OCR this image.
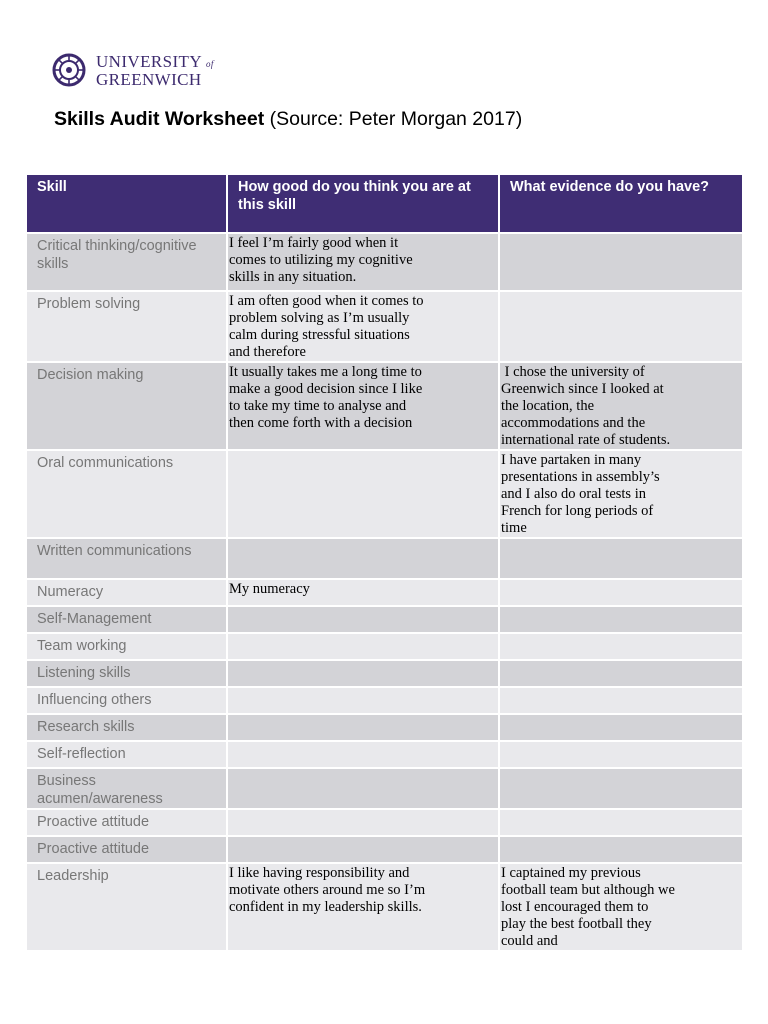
UNIVERSITY of
GREENWICH
Skills Audit Worksheet (Source: Peter Morgan 2017)
Skill	How good do you think you are at this skill	What evidence do you have?
Critical thinking/cognitive skills	I feel I’m fairly good when it
comes to utilizing my cognitive
skills in any situation.	
Problem solving	I am often good when it comes to
problem solving as I’m usually
calm during stressful situations
and therefore	
Decision making	It usually takes me a long time to
make a good decision since I like
to take my time to analyse and
then come forth with a decision	I chose the university of
Greenwich since I looked at
the location, the
accommodations and the
international rate of students.
Oral communications		I have partaken in many
presentations in assembly’s
and I also do oral tests in
French for long periods of
time
Written communications		
Numeracy	My numeracy	
Self-Management		
Team working		
Listening skills		
Influencing others		
Research skills		
Self-reflection		
Business acumen/awareness		
Proactive attitude		
Proactive attitude		
Leadership	I like having responsibility and
motivate others around me so I’m
confident in my leadership skills.	I captained my previous
football team but although we
lost I encouraged them to
play the best football they
could and
